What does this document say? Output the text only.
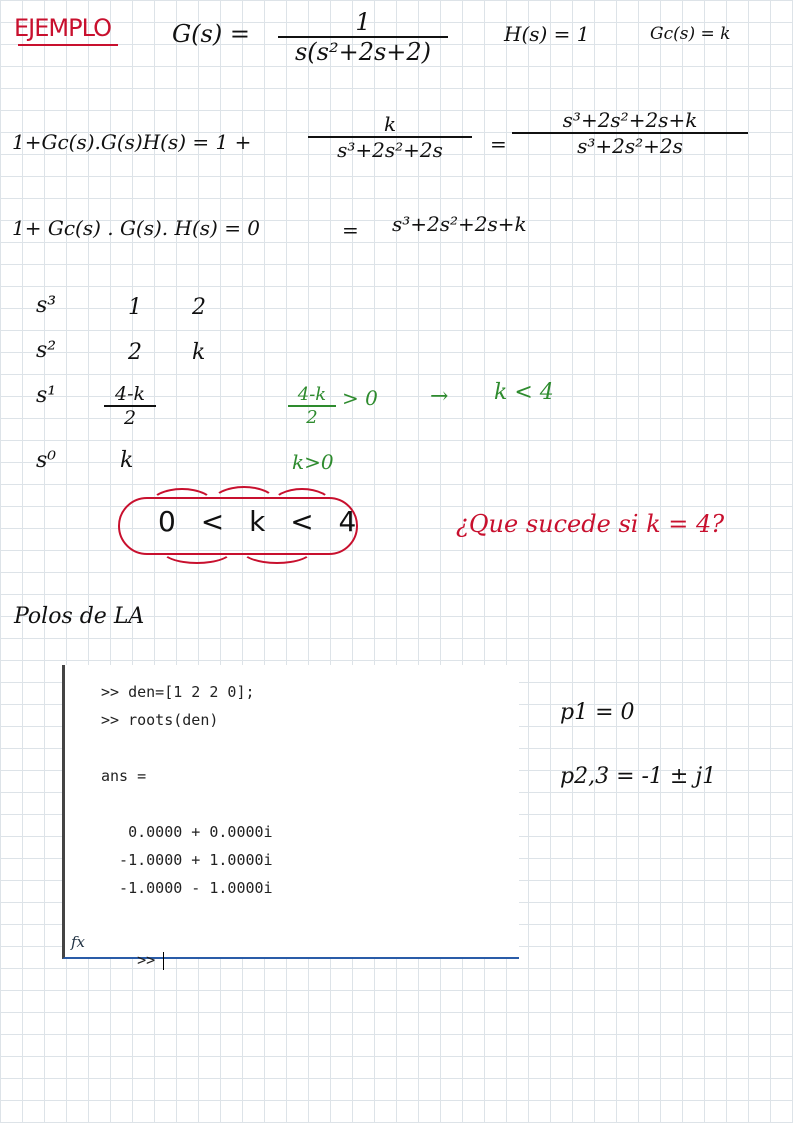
EJEMPLO	G(s) =	1
s(s²+2s+2)
H(s) = 1	Gc(s) = k
1+Gc(s).G(s)H(s) = 1 +
k
s³+2s²+2s	=
s³+2s²+2s+k
s³+2s²+2s
1+ Gc(s) . G(s). H(s) = 0	= s³+2s²+2s+k
s³	1 2
s²	2 k
s¹	4-k
2
s⁰	k
4-k
2
> 0 → k < 4
k>0
0 < k < 4	¿Que sucede si k = 4?
Polos de LA
>> den=[1 2 2 0];
>> roots(den)
ans =
0.0000 + 0.0000i
-1.0000 + 1.0000i
-1.0000 - 1.0000i
fx

>>

p1 = 0
p2,3 = -1 ± j1
